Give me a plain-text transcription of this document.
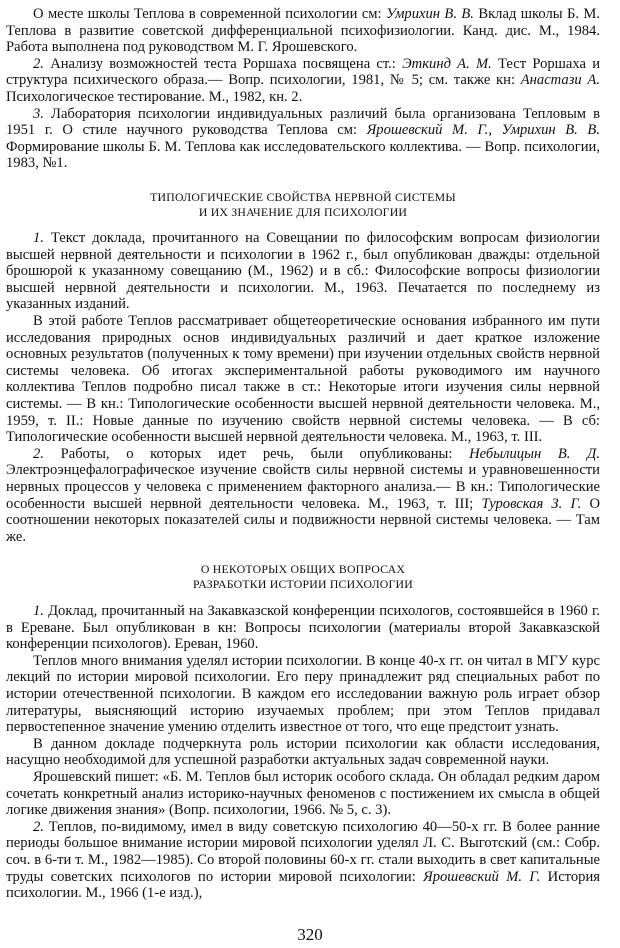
О месте школы Теплова в современной психологии см: Умрихин В. В. Вклад школы Б. М. Теплова в развитие советской дифференциальной психофизиологии. Канд. дис. М., 1984. Работа выполнена под руководством М. Г. Ярошевского.

2. Анализу возможностей теста Роршаха посвящена ст.: Эткинд А. М. Тест Роршаха и структура психического образа.— Вопр. психологии, 1981, № 5; см. также кн: Анастази А. Психологическое тестирование. М., 1982, кн. 2.

3. Лаборатория психологии индивидуальных различий была организована Тепловым в 1951 г. О стиле научного руководства Теплова см: Ярошевский М. Г., Умрихин В. В. Формирование школы Б. М. Теплова как исследовательского коллектива. — Вопр. психологии, 1983, №1.

ТИПОЛОГИЧЕСКИЕ СВОЙСТВА НЕРВНОЙ СИСТЕМЫ
И ИХ ЗНАЧЕНИЕ ДЛЯ ПСИХОЛОГИИ

1. Текст доклада, прочитанного на Совещании по философским вопросам физиологии высшей нервной деятельности и психологии в 1962 г., был опубликован дважды: отдельной брошюрой к указанному совещанию (М., 1962) и в сб.: Философские вопросы физиологии высшей нервной деятельности и психологии. М., 1963. Печатается по последнему из указанных изданий.

В этой работе Теплов рассматривает общетеоретические основания избранного им пути исследования природных основ индивидуальных различий и дает краткое изложение основных результатов (полученных к тому времени) при изучении отдельных свойств нервной системы человека. Об итогах экспериментальной работы руководимого им научного коллектива Теплов подробно писал также в ст.: Некоторые итоги изучения силы нервной системы. — В кн.: Типологические особенности высшей нервной деятельности человека. М., 1959, т. II.: Новые данные по изучению свойств нервной системы человека. — В сб: Типологические особенности высшей нервной деятельности человека. М., 1963, т. III.

2. Работы, о которых идет речь, были опубликованы: Небылицын В. Д. Электроэнцефалографическое изучение свойств силы нервной системы и уравновешенности нервных процессов у человека с применением факторного анализа.— В кн.: Типологические особенности высшей нервной деятельности человека. М., 1963, т. III; Туровская З. Г. О соотношении некоторых показателей силы и подвижности нервной системы человека. — Там же.

О НЕКОТОРЫХ ОБЩИХ ВОПРОСАХ
РАЗРАБОТКИ ИСТОРИИ ПСИХОЛОГИИ

1. Доклад, прочитанный на Закавказской конференции психологов, состоявшейся в 1960 г. в Ереване. Был опубликован в кн: Вопросы психологии (материалы второй Закавказской конференции психологов). Ереван, 1960.

Теплов много внимания уделял истории психологии. В конце 40-х гг. он читал в МГУ курс лекций по истории мировой психологии. Его перу принадлежит ряд специальных работ по истории отечественной психологии. В каждом его исследовании важную роль играет обзор литературы, выясняющий историю изучаемых проблем; при этом Теплов придавал первостепенное значение умению отделить известное от того, что еще предстоит узнать.

В данном докладе подчеркнута роль истории психологии как области исследования, насущно необходимой для успешной разработки актуальных задач современной науки.

Ярошевский пишет: «Б. М. Теплов был историк особого склада. Он обладал редким даром сочетать конкретный анализ историко-научных феноменов с постижением их смысла в общей логике движения знания» (Вопр. психологии, 1966. № 5, с. 3).

2. Теплов, по-видимому, имел в виду советскую психологию 40—50-х гг. В более ранние периоды большое внимание истории мировой психологии уделял Л. С. Выготский (см.: Собр. соч. в 6-ти т. М., 1982—1985). Со второй половины 60-х гг. стали выходить в свет капитальные труды советских психологов по истории мировой психологии: Ярошевский М. Г. История психологии. М., 1966 (1-е изд.),

320
